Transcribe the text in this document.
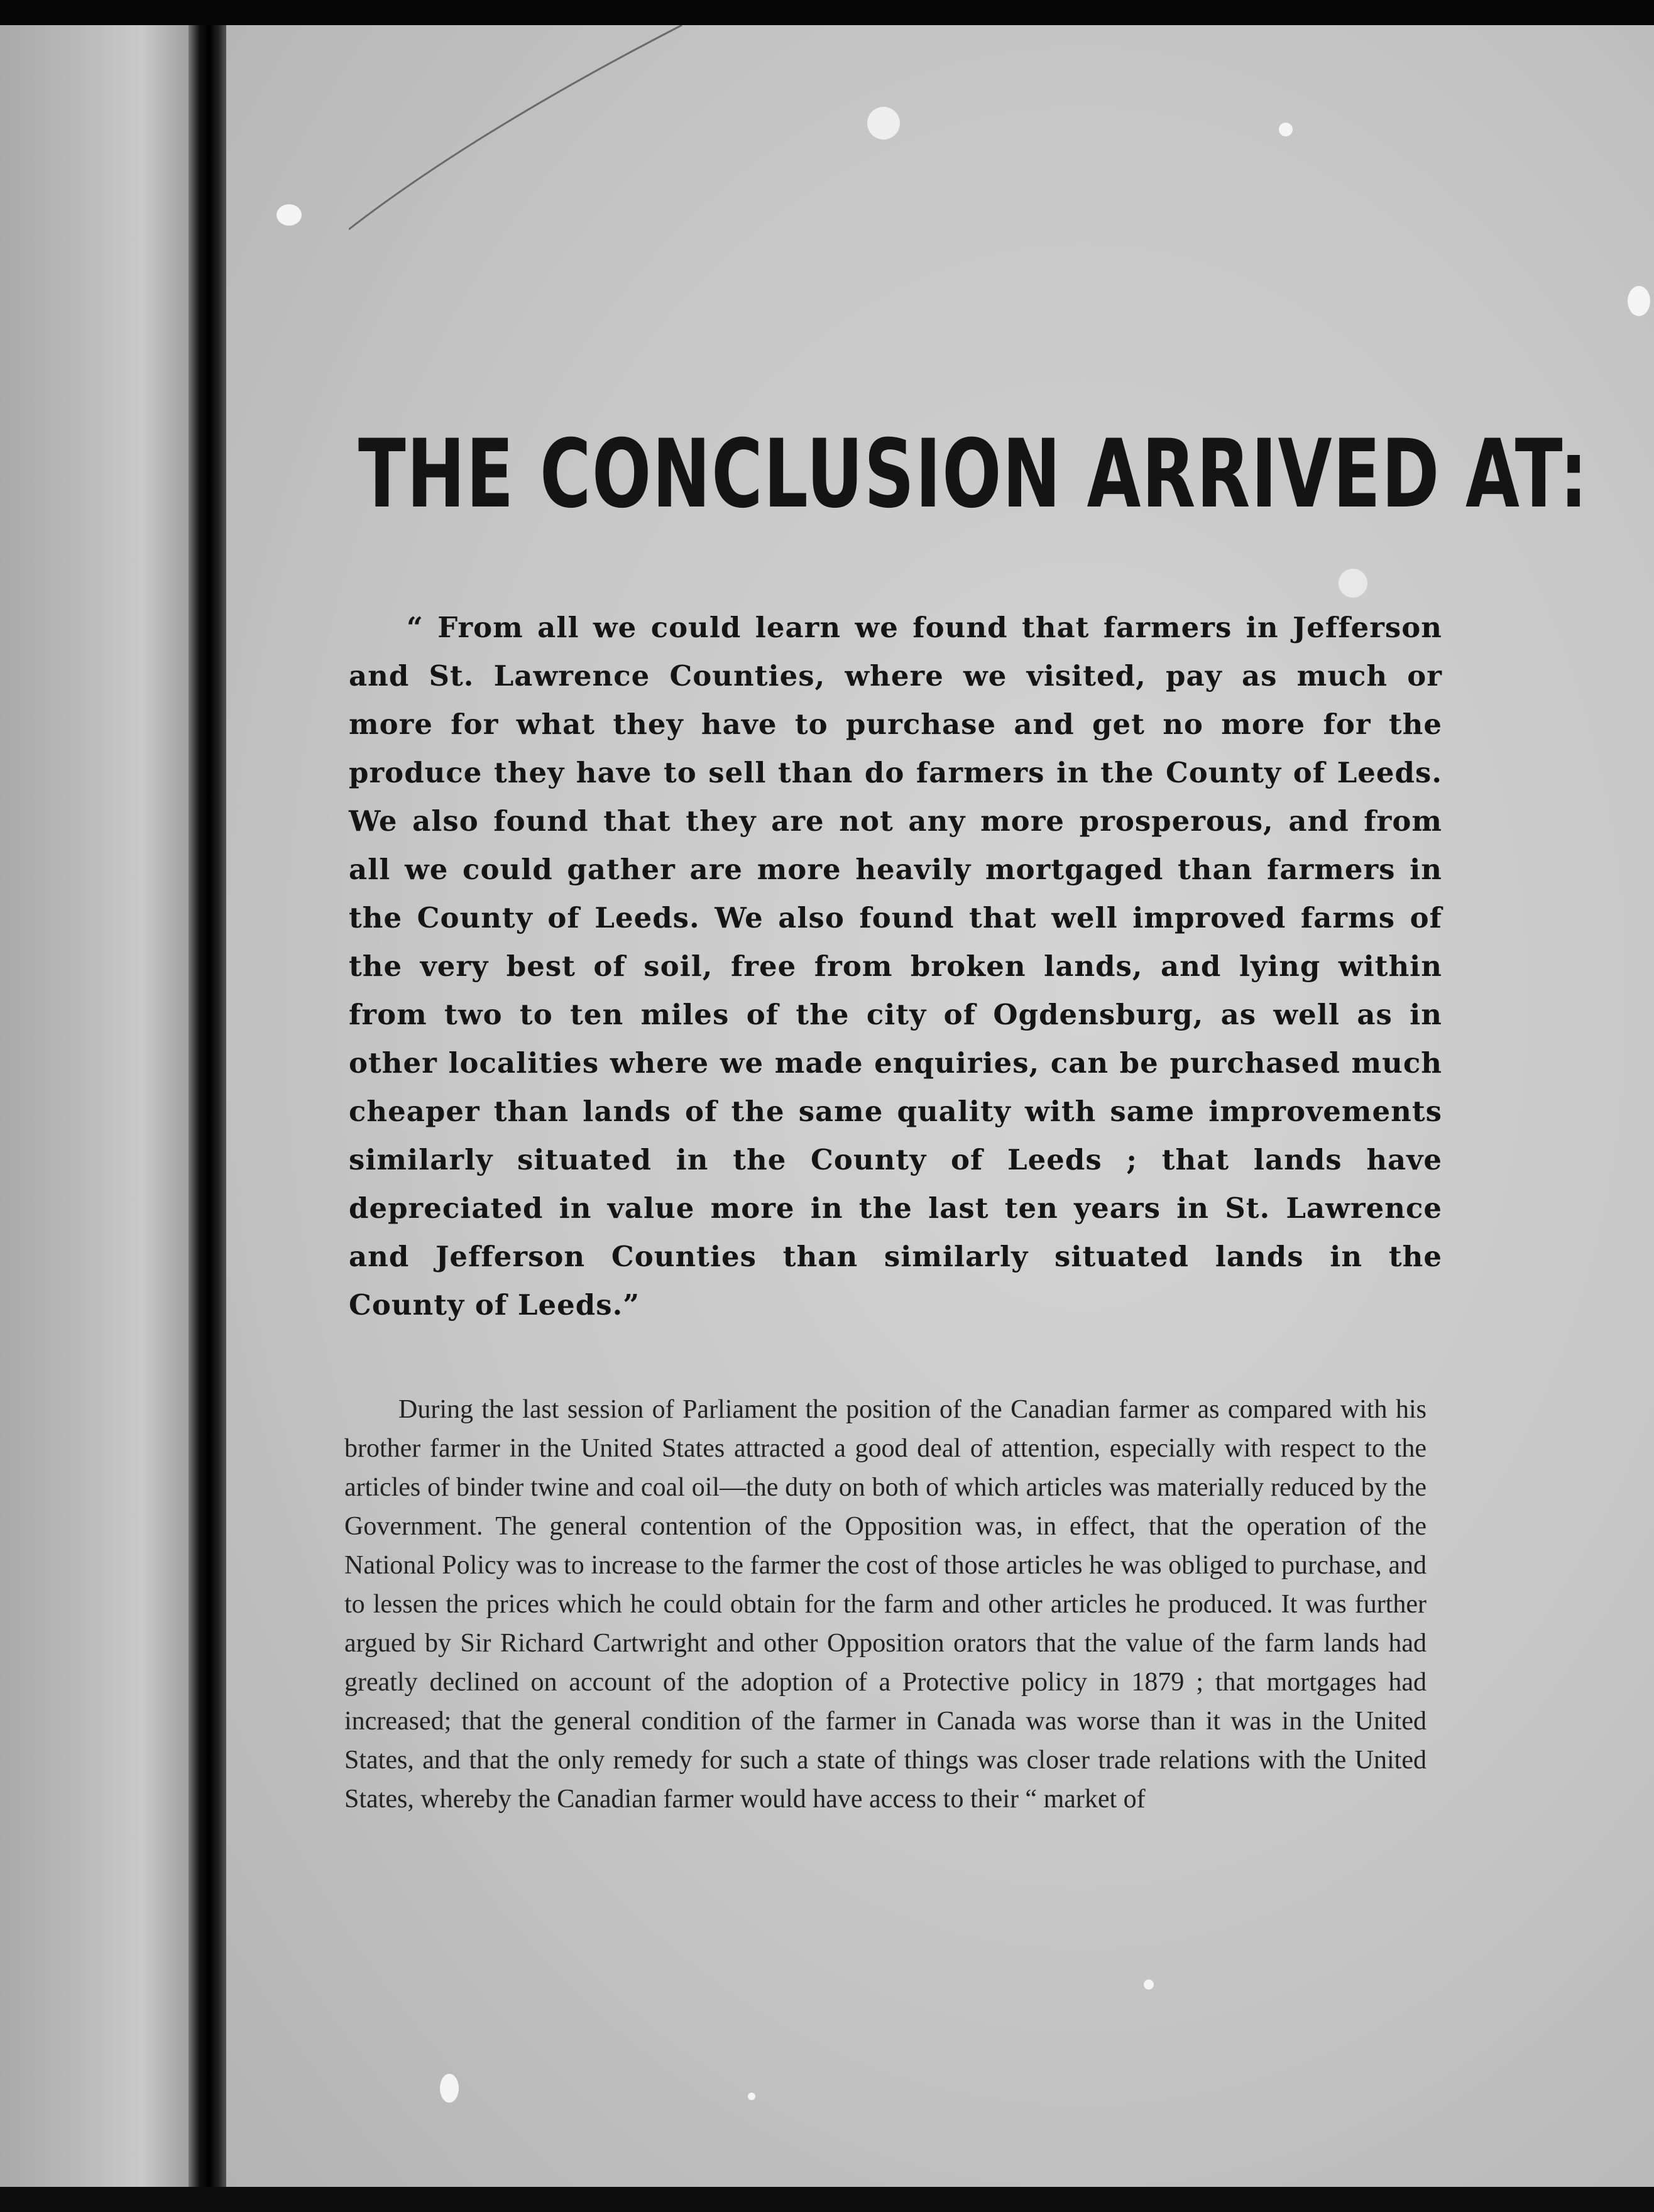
THE CONCLUSION ARRIVED AT:

“ From all we could learn we found that farmers in Jefferson and St. Lawrence Counties, where we visited, pay as much or more for what they have to purchase and get no more for the produce they have to sell than do farmers in the County of Leeds. We also found that they are not any more prosperous, and from all we could gather are more heavily mortgaged than farmers in the County of Leeds. We also found that well improved farms of the very best of soil, free from broken lands, and lying within from two to ten miles of the city of Ogdensburg, as well as in other localities where we made enquiries, can be purchased much cheaper than lands of the same quality with same improvements similarly situated in the County of Leeds ; that lands have depreciated in value more in the last ten years in St. Lawrence and Jefferson Counties than similarly situated lands in the County of Leeds.”

During the last session of Parliament the position of the Canadian farmer as compared with his brother farmer in the United States attracted a good deal of attention, especially with respect to the articles of binder twine and coal oil—the duty on both of which articles was materially reduced by the Government. The general contention of the Opposition was, in effect, that the operation of the National Policy was to increase to the farmer the cost of those articles he was obliged to purchase, and to lessen the prices which he could obtain for the farm and other articles he produced. It was further argued by Sir Richard Cartwright and other Opposition orators that the value of the farm lands had greatly declined on account of the adoption of a Protective policy in 1879 ; that mortgages had increased; that the general condition of the farmer in Canada was worse than it was in the United States, and that the only remedy for such a state of things was closer trade relations with the United States, whereby the Canadian farmer would have access to their “ market of
